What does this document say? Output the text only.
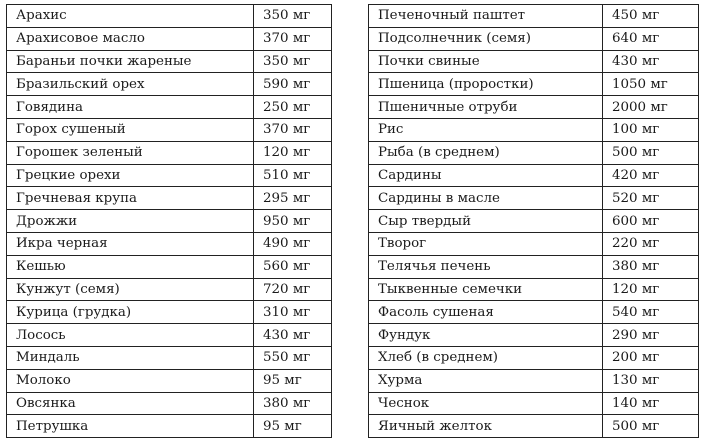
Арахис	350 мг
Арахисовое масло	370 мг
Бараньи почки жареные	350 мг
Бразильский орех	590 мг
Говядина	250 мг
Горох сушеный	370 мг
Горошек зеленый	120 мг
Грецкие орехи	510 мг
Гречневая крупа	295 мг
Дрожжи	950 мг
Икра черная	490 мг
Кешью	560 мг
Кунжут (семя)	720 мг
Курица (грудка)	310 мг
Лосось	430 мг
Миндаль	550 мг
Молоко	95 мг
Овсянка	380 мг
Петрушка	95 мг
Печеночный паштет	450 мг
Подсолнечник (семя)	640 мг
Почки свиные	430 мг
Пшеница (проростки)	1050 мг
Пшеничные отруби	2000 мг
Рис	100 мг
Рыба (в среднем)	500 мг
Сардины	420 мг
Сардины в масле	520 мг
Сыр твердый	600 мг
Творог	220 мг
Телячья печень	380 мг
Тыквенные семечки	120 мг
Фасоль сушеная	540 мг
Фундук	290 мг
Хлеб (в среднем)	200 мг
Хурма	130 мг
Чеснок	140 мг
Яичный желток	500 мг
